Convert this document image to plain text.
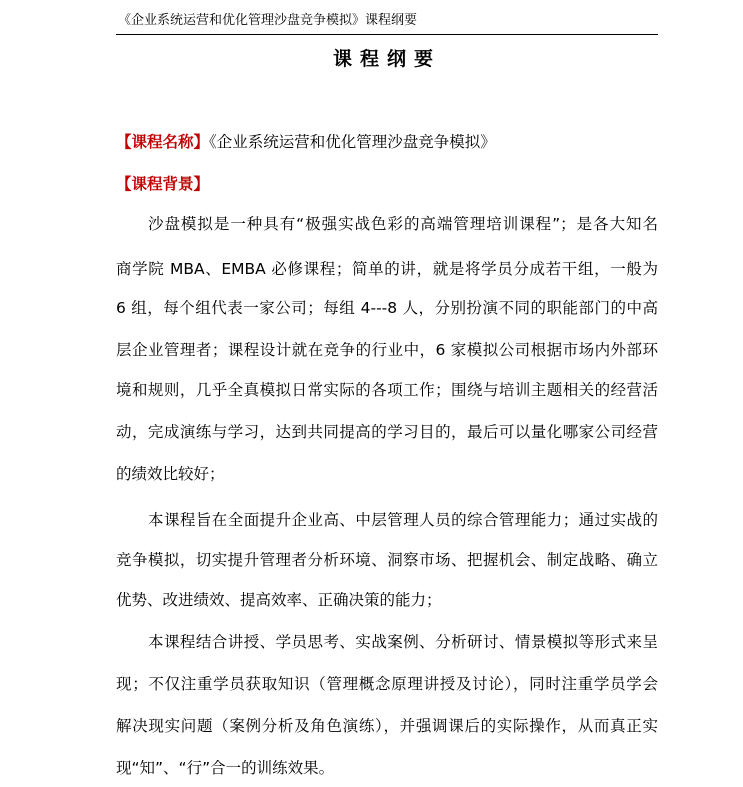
《企业系统运营和优化管理沙盘竞争模拟》课程纲要
课程纲要
【课程名称】《企业系统运营和优化管理沙盘竞争模拟》
【课程背景】
沙盘模拟是一种具有“极强实战色彩的高端管理培训课程”；是各大知名
商学院 MBA、EMBA 必修课程；简单的讲，就是将学员分成若干组，一般为
6 组，每个组代表一家公司；每组 4---8 人，分别扮演不同的职能部门的中高
层企业管理者；课程设计就在竞争的行业中，6 家模拟公司根据市场内外部环
境和规则，几乎全真模拟日常实际的各项工作；围绕与培训主题相关的经营活
动，完成演练与学习，达到共同提高的学习目的，最后可以量化哪家公司经营
的绩效比较好；
本课程旨在全面提升企业高、中层管理人员的综合管理能力；通过实战的
竞争模拟，切实提升管理者分析环境、洞察市场、把握机会、制定战略、确立
优势、改进绩效、提高效率、正确决策的能力；
本课程结合讲授、学员思考、实战案例、分析研讨、情景模拟等形式来呈
现；不仅注重学员获取知识（管理概念原理讲授及讨论），同时注重学员学会
解决现实问题（案例分析及角色演练），并强调课后的实际操作，从而真正实
现“知”、“行”合一的训练效果。
